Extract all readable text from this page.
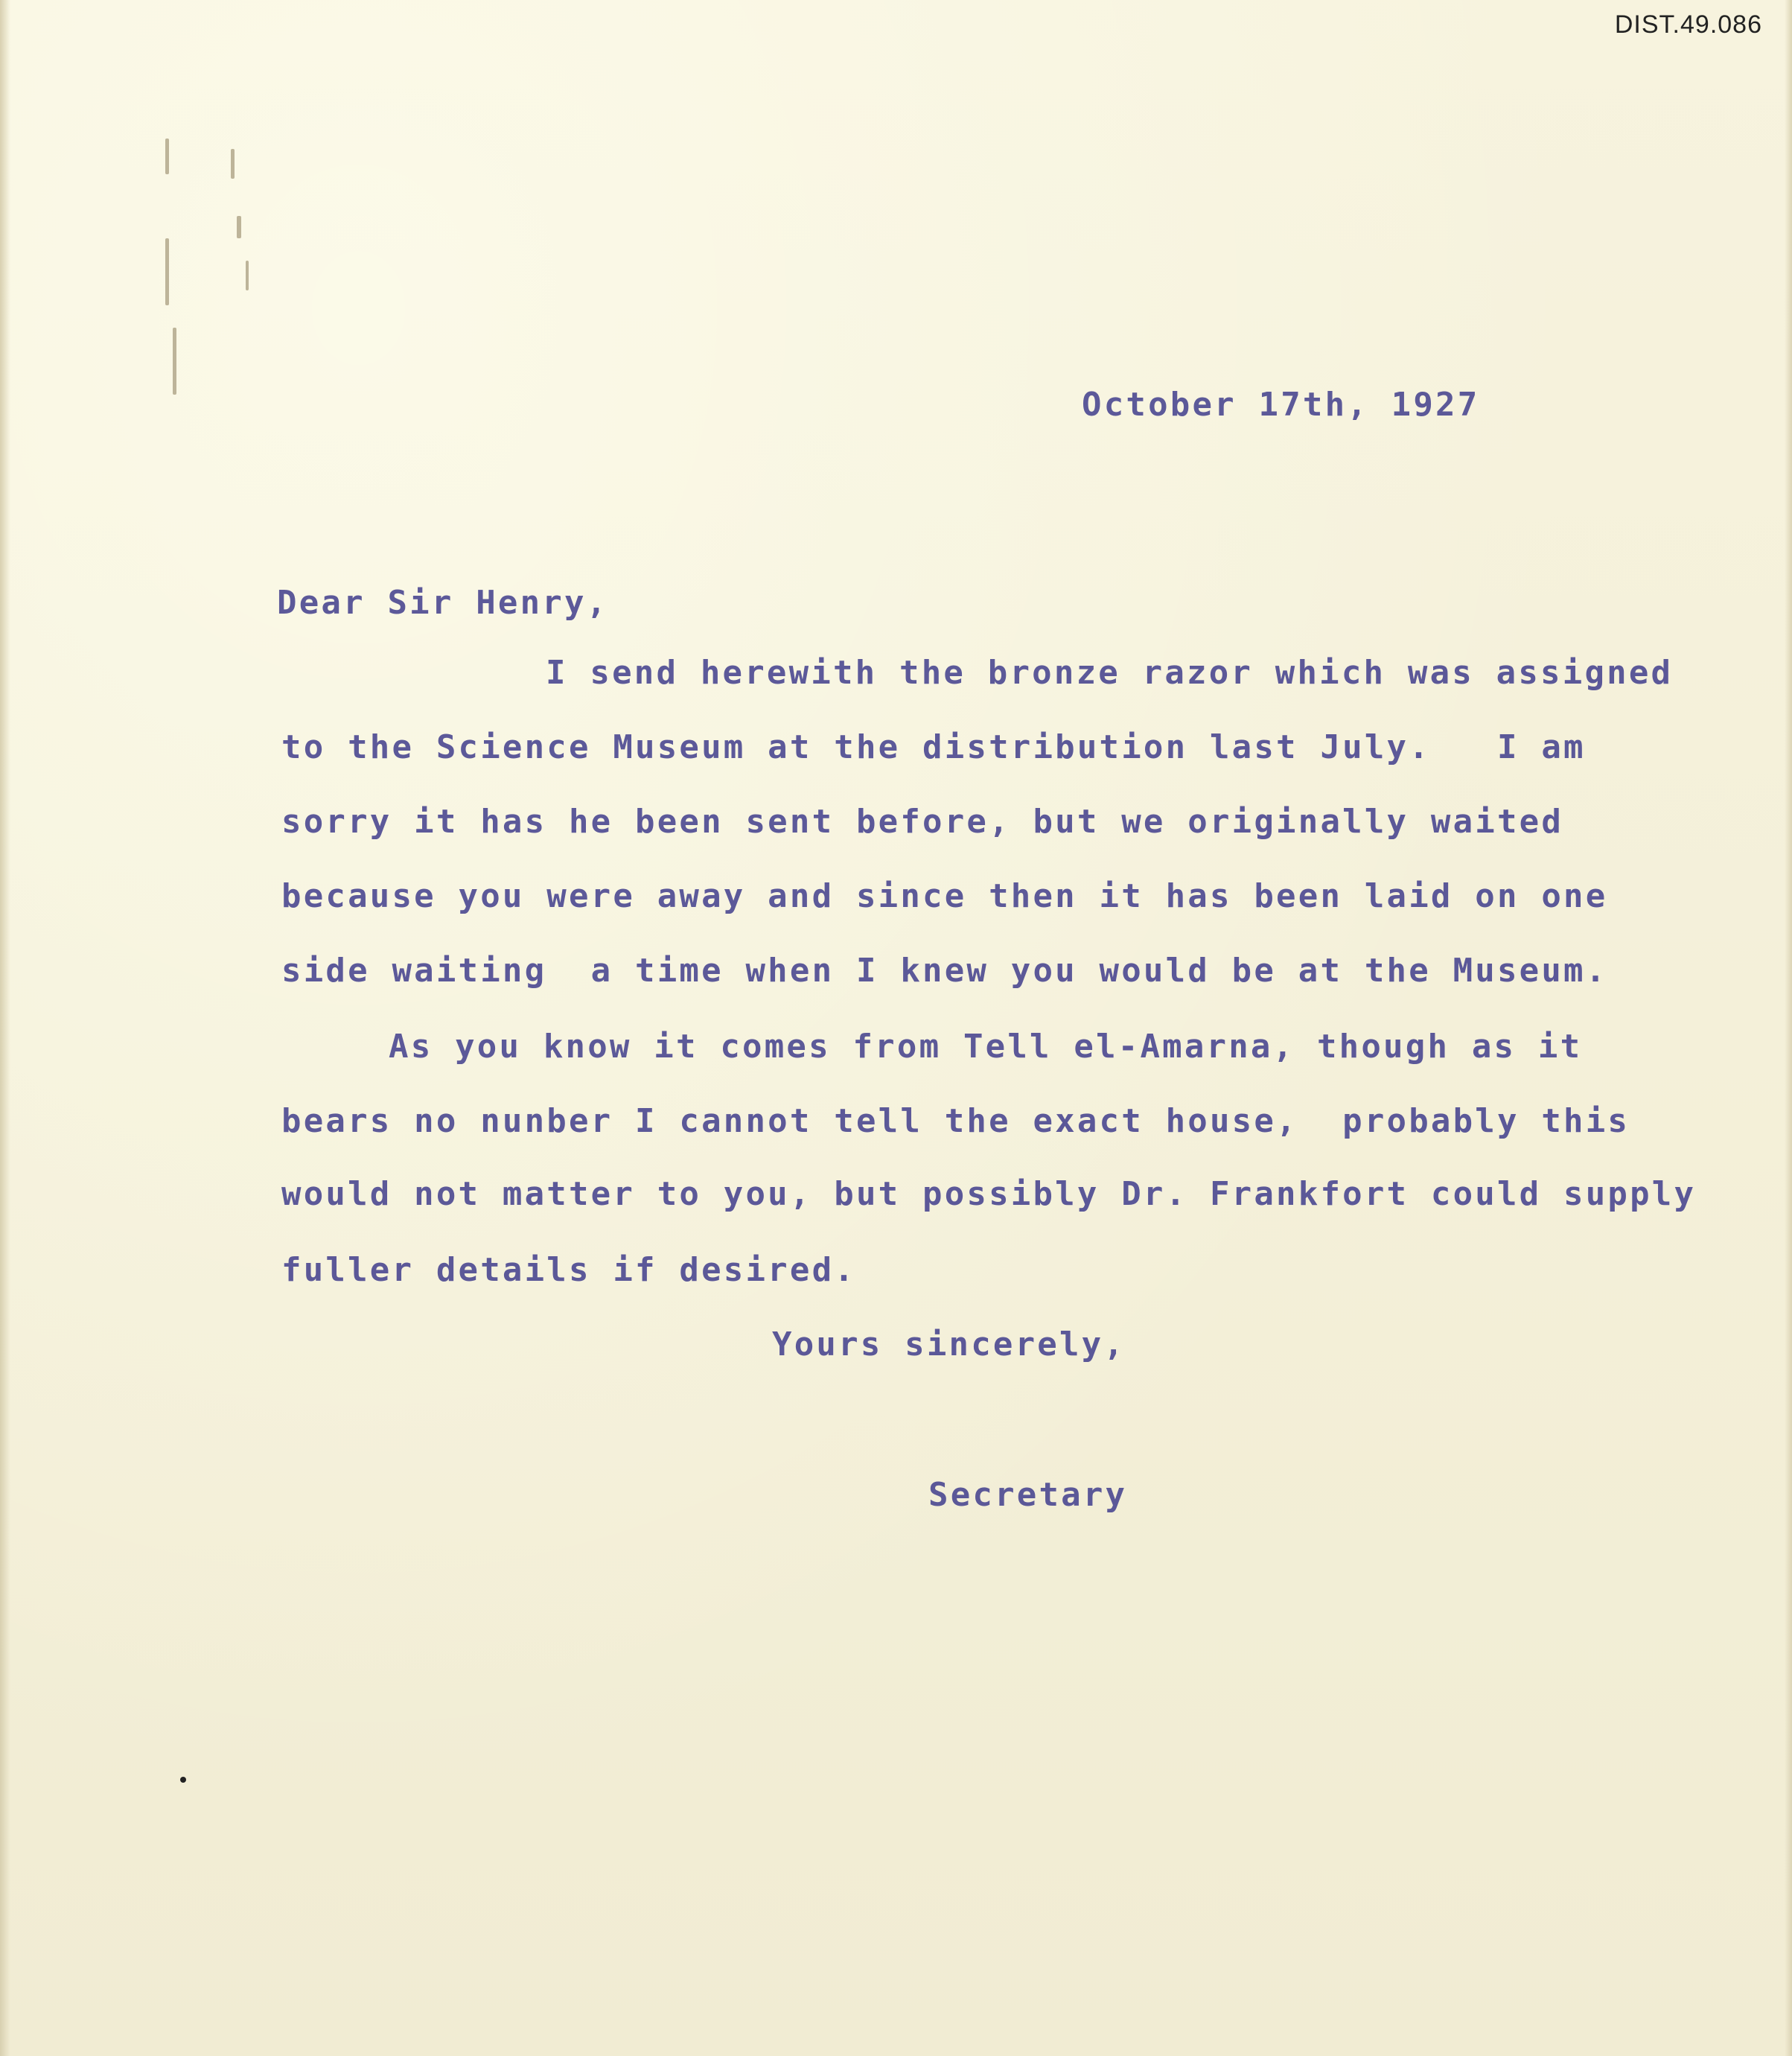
DIST.49.086
October 17th, 1927
Dear Sir Henry,
I send herewith the bronze razor which was assigned
to the Science Museum at the distribution last July.   I am
sorry it has he been sent before, but we originally waited
because you were away and since then it has been laid on one
side waiting  a time when I knew you would be at the Museum.
As you know it comes from Tell el-Amarna, though as it
bears no nunber I cannot tell the exact house,  probably this
would not matter to you, but possibly Dr. Frankfort could supply
fuller details if desired.
Yours sincerely,
Secretary
